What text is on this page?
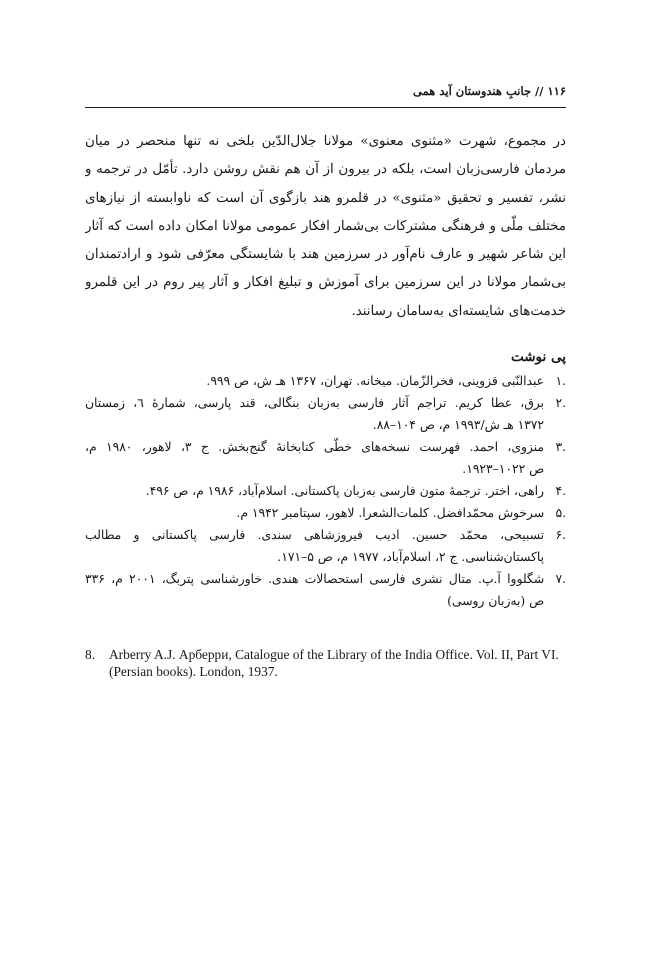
۱۱۶ // جانبِ هندوستان آید همی
در مجموع، شهرت «مثنوی معنوی» مولانا جلال‌الدّین بلخی نه تنها منحصر در میان
مردمان فارسی‌زبان است، بلکه در بیرون از آن هم نقش روشن دارد. تأمّل در ترجمه و
نشر، تفسیر و تحقیق «مثنوی» در قلمرو هند بازگوی آن است که ناوابسته از نیازهای
مختلف ملّی و فرهنگی مشترکات بی‌شمار افکار عمومی مولانا امکان داده است که آثار
این شاعر شهیر و عارف نام‌آور در سرزمین هند با شایستگی معرّفی شود و ارادتمندان
بی‌شمار مولانا در این سرزمین برای آموزش و تبلیغ افکار و آثار پیر روم در این قلمرو
خدمت‌های شایسته‌ای به‌سامان رسانند.
پی نوشت
.۱
عبدالنّبی قزوینی، فخرالزّمان. میخانه. تهران، ۱۳۶۷ هـ ش، ص ۹۹۹.
.۲
برق، عطا کریم. تراجم آثار فارسی به‌زبان بنگالی، قند پارسی، شمارۀ ٦، زمستان
۱۳۷۲ هـ ش/۱۹۹۳ م، ص ۱۰۴–۸۸.
.۳
منزوی، احمد. فهرست نسخه‌های خطّی کتابخانۀ گنج‌بخش. ج ۳، لاهور، ۱۹۸۰ م،
ص ۱۰۲۲–۱۹۲۳.
.۴
راهی، اختر. ترجمۀ متون فارسی به‌زبان پاکستانی. اسلام‌آباد، ۱۹۸۶ م، ص ۴۹۶.
.۵
سرخوش محمّدافضل. کلمات‌الشعرا. لاهور، سپتامبر ۱۹۴۲ م.
.۶
تسبیحی، محمّد حسین. ادیب فیروزشاهی سندی. فارسی پاکستانی و مطالب
پاکستان‌شناسی. ج ۲، اسلام‌آباد، ۱۹۷۷ م، ص ۵–۱۷۱.
.۷
شگلووا آ.پ. متال نشری فارسی استحصالات هندی. خاورشناسی پتربگ، ۲۰۰۱ م، ۳۳۶
ص (به‌زبان روسی)
8.	Arberry A.J. Арберри, Catalogue of the Library of the India Office. Vol. II, Part VI. (Persian books). London, 1937.
